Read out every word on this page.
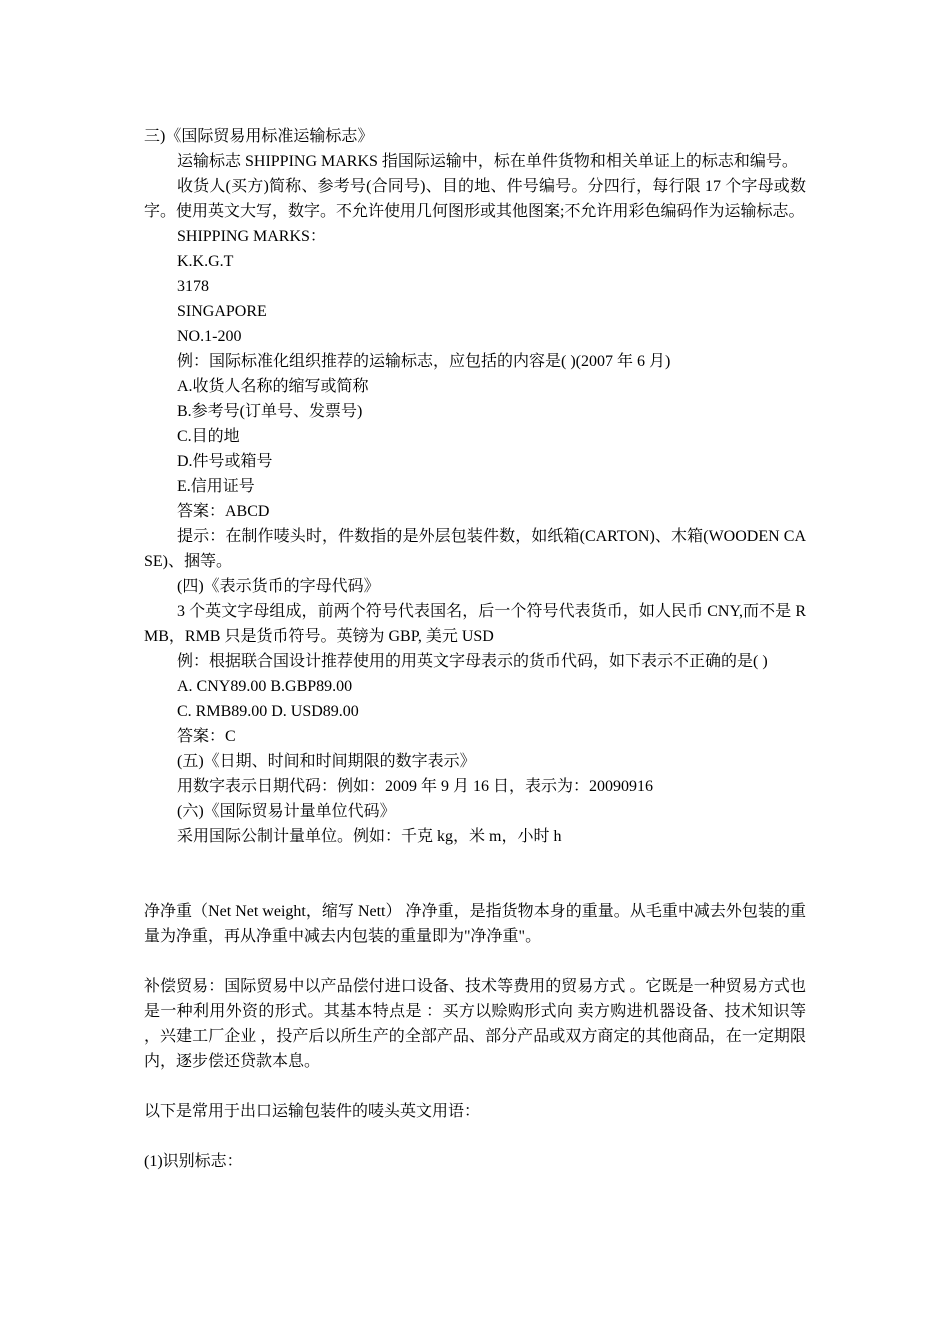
三)《国际贸易用标准运输标志》

运输标志 SHIPPING MARKS 指国际运输中，标在单件货物和相关单证上的标志和编号。

收货人(买方)简称、参考号(合同号)、目的地、件号编号。分四行，每行限 17 个字母或数字。使用英文大写，数字。不允许使用几何图形或其他图案;不允许用彩色编码作为运输标志。

SHIPPING MARKS：
K.K.G.T
3178
SINGAPORE
NO.1-200
例：国际标准化组织推荐的运输标志，应包括的内容是( )(2007 年 6 月)
A.收货人名称的缩写或简称
B.参考号(订单号、发票号)
C.目的地
D.件号或箱号
E.信用证号
答案：ABCD

提示：在制作唛头时，件数指的是外层包装件数，如纸箱(CARTON)、木箱(WOODEN CASE)、捆等。

(四)《表示货币的字母代码》

3 个英文字母组成，前两个符号代表国名，后一个符号代表货币，如人民币 CNY,而不是 RMB，RMB 只是货币符号。英镑为 GBP, 美元 USD

例：根据联合国设计推荐使用的用英文字母表示的货币代码，如下表示不正确的是( )
A. CNY89.00 B.GBP89.00
C. RMB89.00 D. USD89.00
答案：C
(五)《日期、时间和时间期限的数字表示》
用数字表示日期代码：例如：2009 年 9 月 16 日，表示为：20090916
(六)《国际贸易计量单位代码》
采用国际公制计量单位。例如：千克 kg，米 m，小时 h

净净重（Net Net weight，缩写 Nett） 净净重，是指货物本身的重量。从毛重中减去外包装的重量为净重，再从净重中减去内包装的重量即为"净净重"。

补偿贸易：国际贸易中以产品偿付进口设备、技术等费用的贸易方式 。它既是一种贸易方式也是一种利用外资的形式。其基本特点是 ：买方以赊购形式向 卖方购进机器设备、技术知识等 ，兴建工厂企业 ，投产后以所生产的全部产品、部分产品或双方商定的其他商品，在一定期限内，逐步偿还贷款本息。

以下是常用于出口运输包装件的唛头英文用语：

(1)识别标志：
